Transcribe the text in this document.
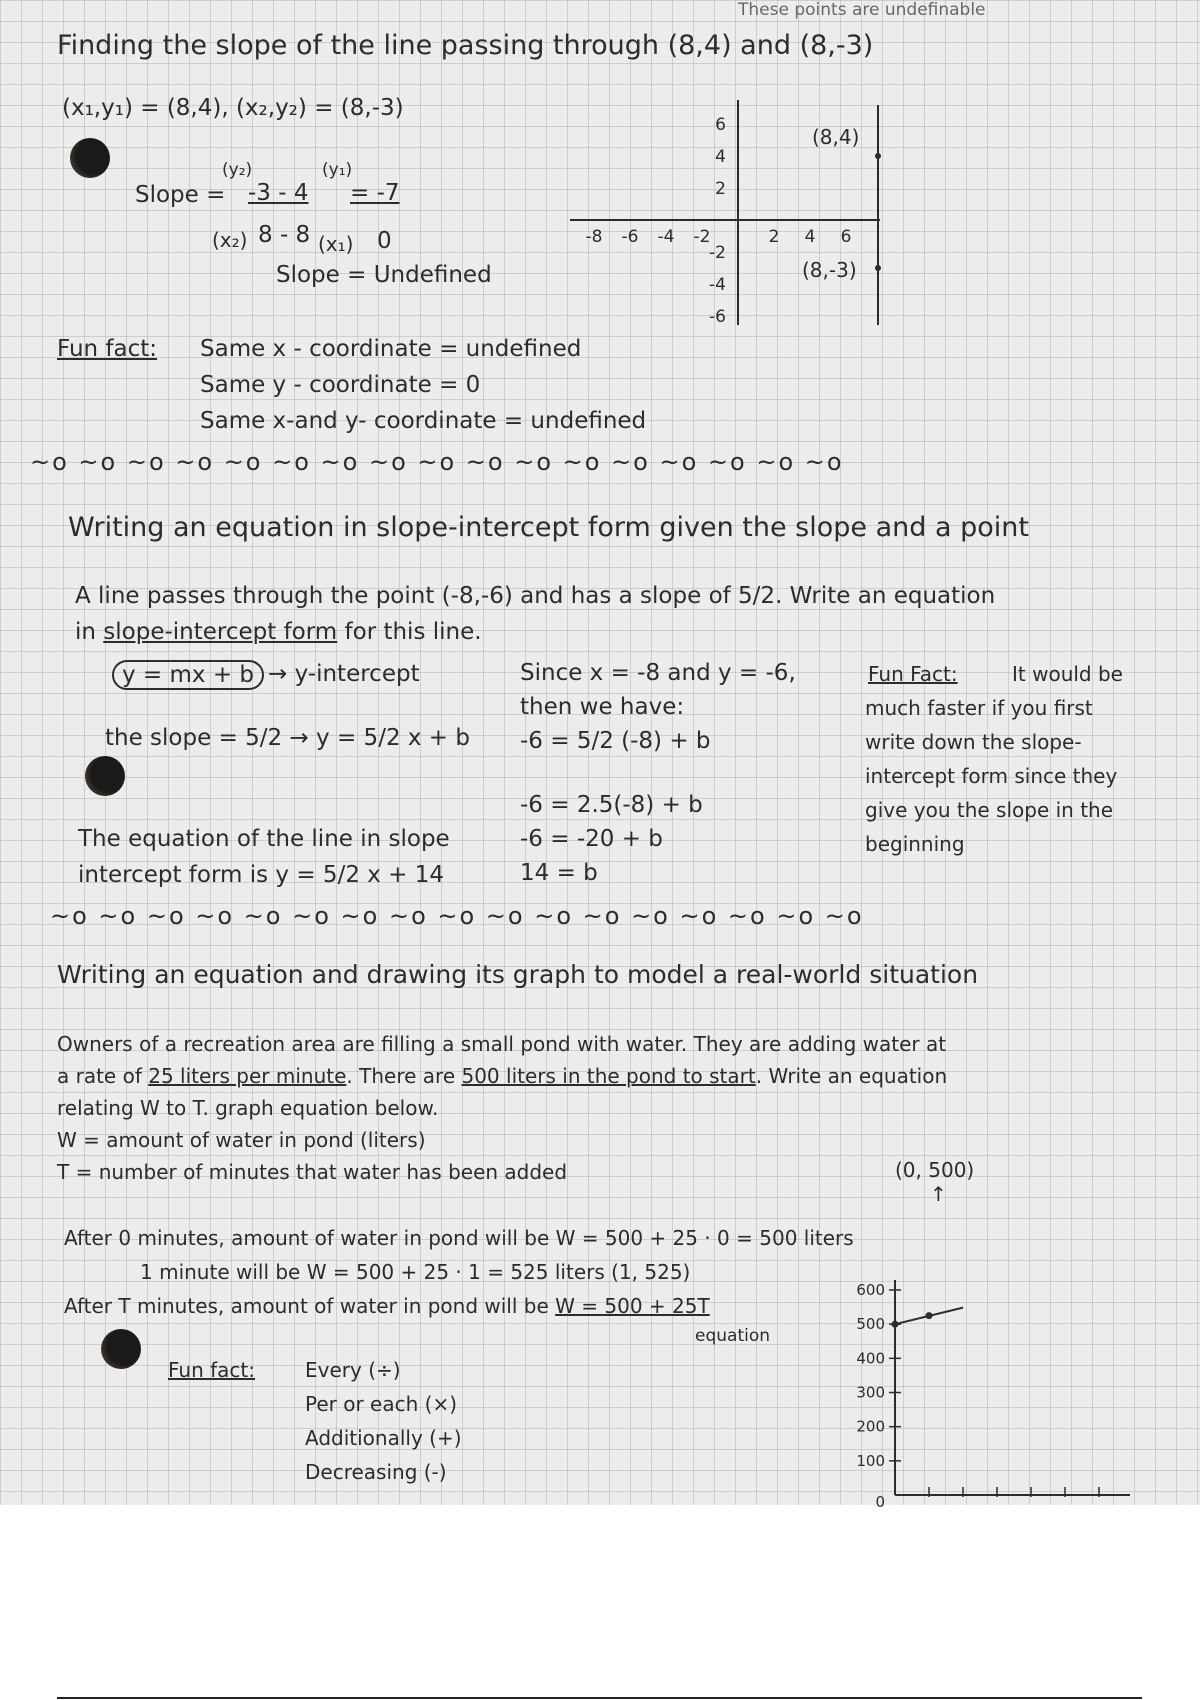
These points are undefinable
Finding the slope of the line passing through (8,4) and (8,-3)
(x₁,y₁) = (8,4), (x₂,y₂) = (8,-3)
(y₂)	(y₁)
Slope = -3 - 4 = -7
(x₂) 8 - 8 (x₁) 0
Slope = Undefined
Fun fact: Same x - coordinate = undefined
Same y - coordinate = 0
Same x-and y- coordinate = undefined
-8 -6 -4 -2	2 4 6
6
4
2
-2
-4
-6
(8,4)
(8,-3)
~o ~o ~o ~o ~o ~o ~o ~o ~o ~o ~o ~o ~o ~o ~o ~o ~o
Writing an equation in slope-intercept form given the slope and a point
A line passes through the point (-8,-6) and has a slope of 5/2. Write an equation
in slope-intercept form for this line.
y = mx + b → y-intercept
the slope = 5/2 → y = 5/2 x + b
The equation of the line in slope
intercept form is y = 5/2 x + 14
Since x = -8 and y = -6,
then we have:
-6 = 5/2 (-8) + b
-6 = 2.5(-8) + b
-6 = -20 + b
14 = b
Fun Fact:	It would be
much faster if you first
write down the slope-
intercept form since they
give you the slope in the
beginning
~o ~o ~o ~o ~o ~o ~o ~o ~o ~o ~o ~o ~o ~o ~o ~o ~o
Writing an equation and drawing its graph to model a real-world situation
Owners of a recreation area are filling a small pond with water. They are adding water at
a rate of 25 liters per minute. There are 500 liters in the pond to start. Write an equation
relating W to T. graph equation below.
W = amount of water in pond (liters)
T = number of minutes that water has been added	(0, 500)
↑
After 0 minutes, amount of water in pond will be W = 500 + 25 · 0 = 500 liters
1 minute will be W = 500 + 25 · 1 = 525 liters (1, 525)
After T minutes, amount of water in pond will be W = 500 + 25T
equation
Fun fact:	Every (÷)
Per or each (×)
Additionally (+)
Decreasing (-)
600
500
400
300
200
100
0
